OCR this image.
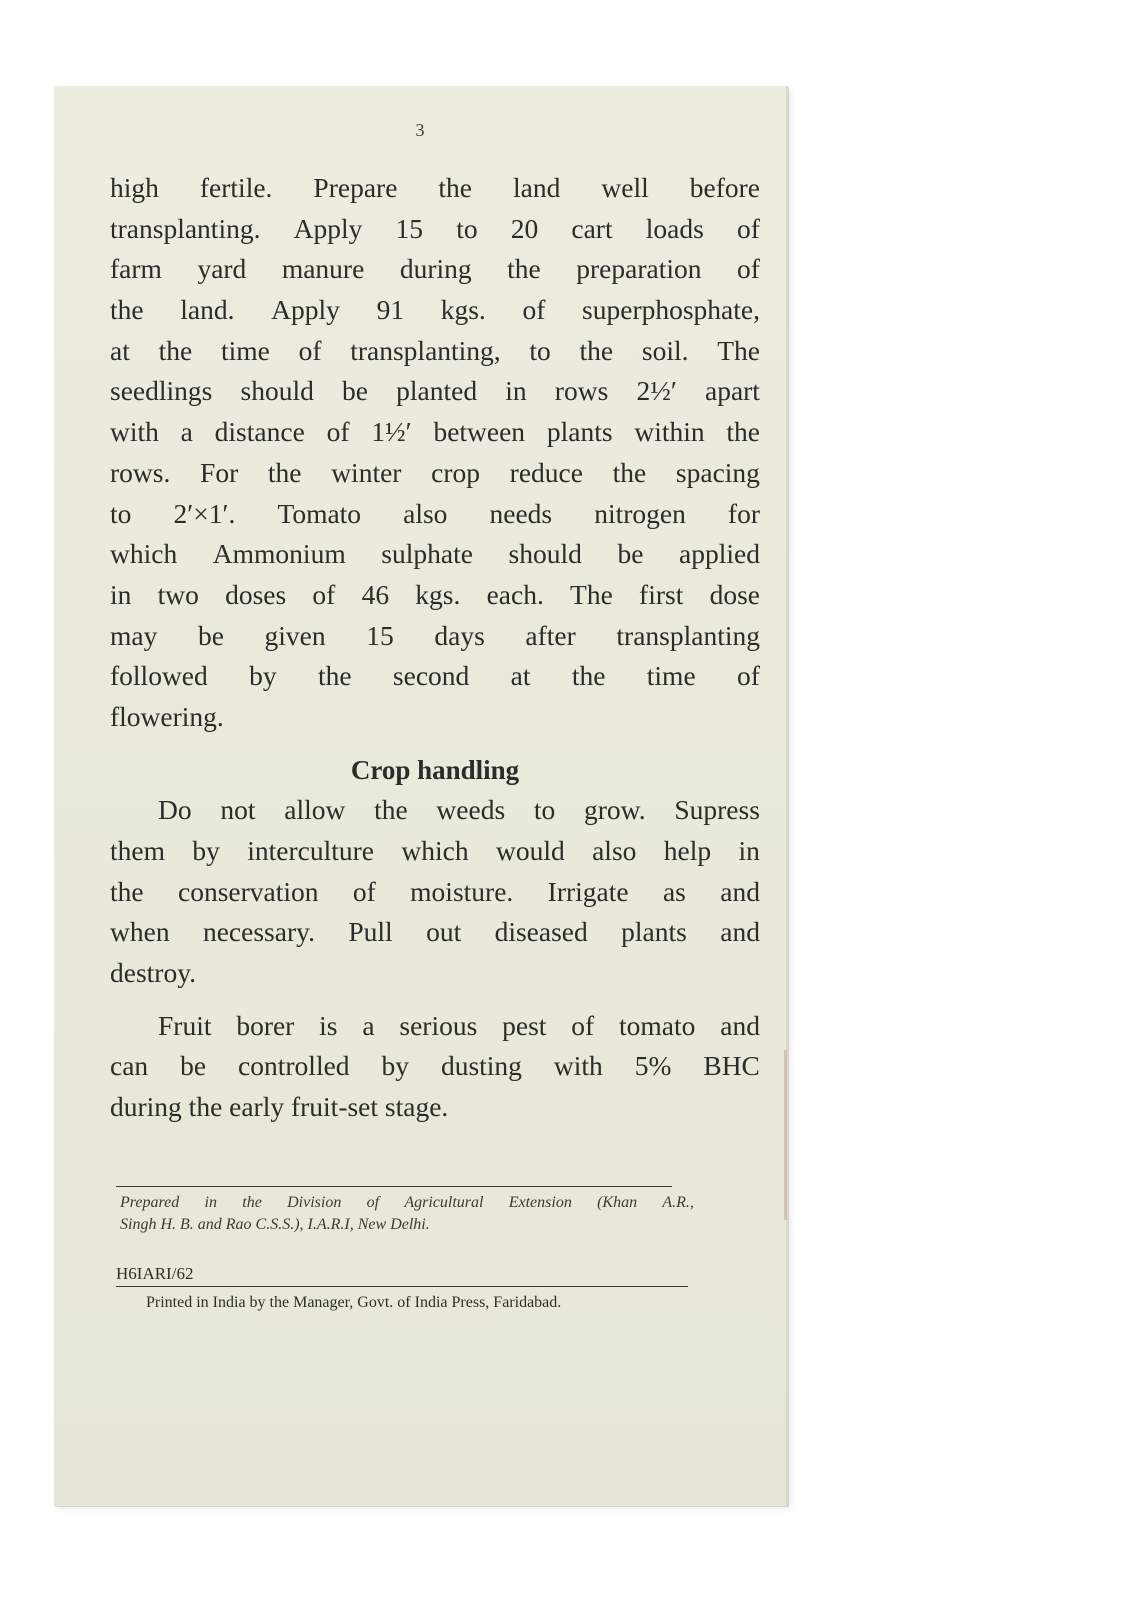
3
high fertile. Prepare the land well before
transplanting. Apply 15 to 20 cart loads of
farm yard manure during the preparation of
the land. Apply 91 kgs. of superphosphate,
at the time of transplanting, to the soil. The
seedlings should be planted in rows 2½′ apart
with a distance of 1½′ between plants within the
rows. For the winter crop reduce the spacing
to 2′×1′. Tomato also needs nitrogen for
which Ammonium sulphate should be applied
in two doses of 46 kgs. each. The first dose
may be given 15 days after transplanting
followed by the second at the time of
flowering.
Crop handling
Do not allow the weeds to grow. Supress
them by interculture which would also help in
the conservation of moisture. Irrigate as and
when necessary. Pull out diseased plants and
destroy.
Fruit borer is a serious pest of tomato and
can be controlled by dusting with 5% BHC
during the early fruit-set stage.
Prepared in the Division of Agricultural Extension (Khan A.R.,
Singh H. B. and Rao C.S.S.), I.A.R.I, New Delhi.
H6IARI/62
Printed in India by the Manager, Govt. of India Press, Faridabad.
